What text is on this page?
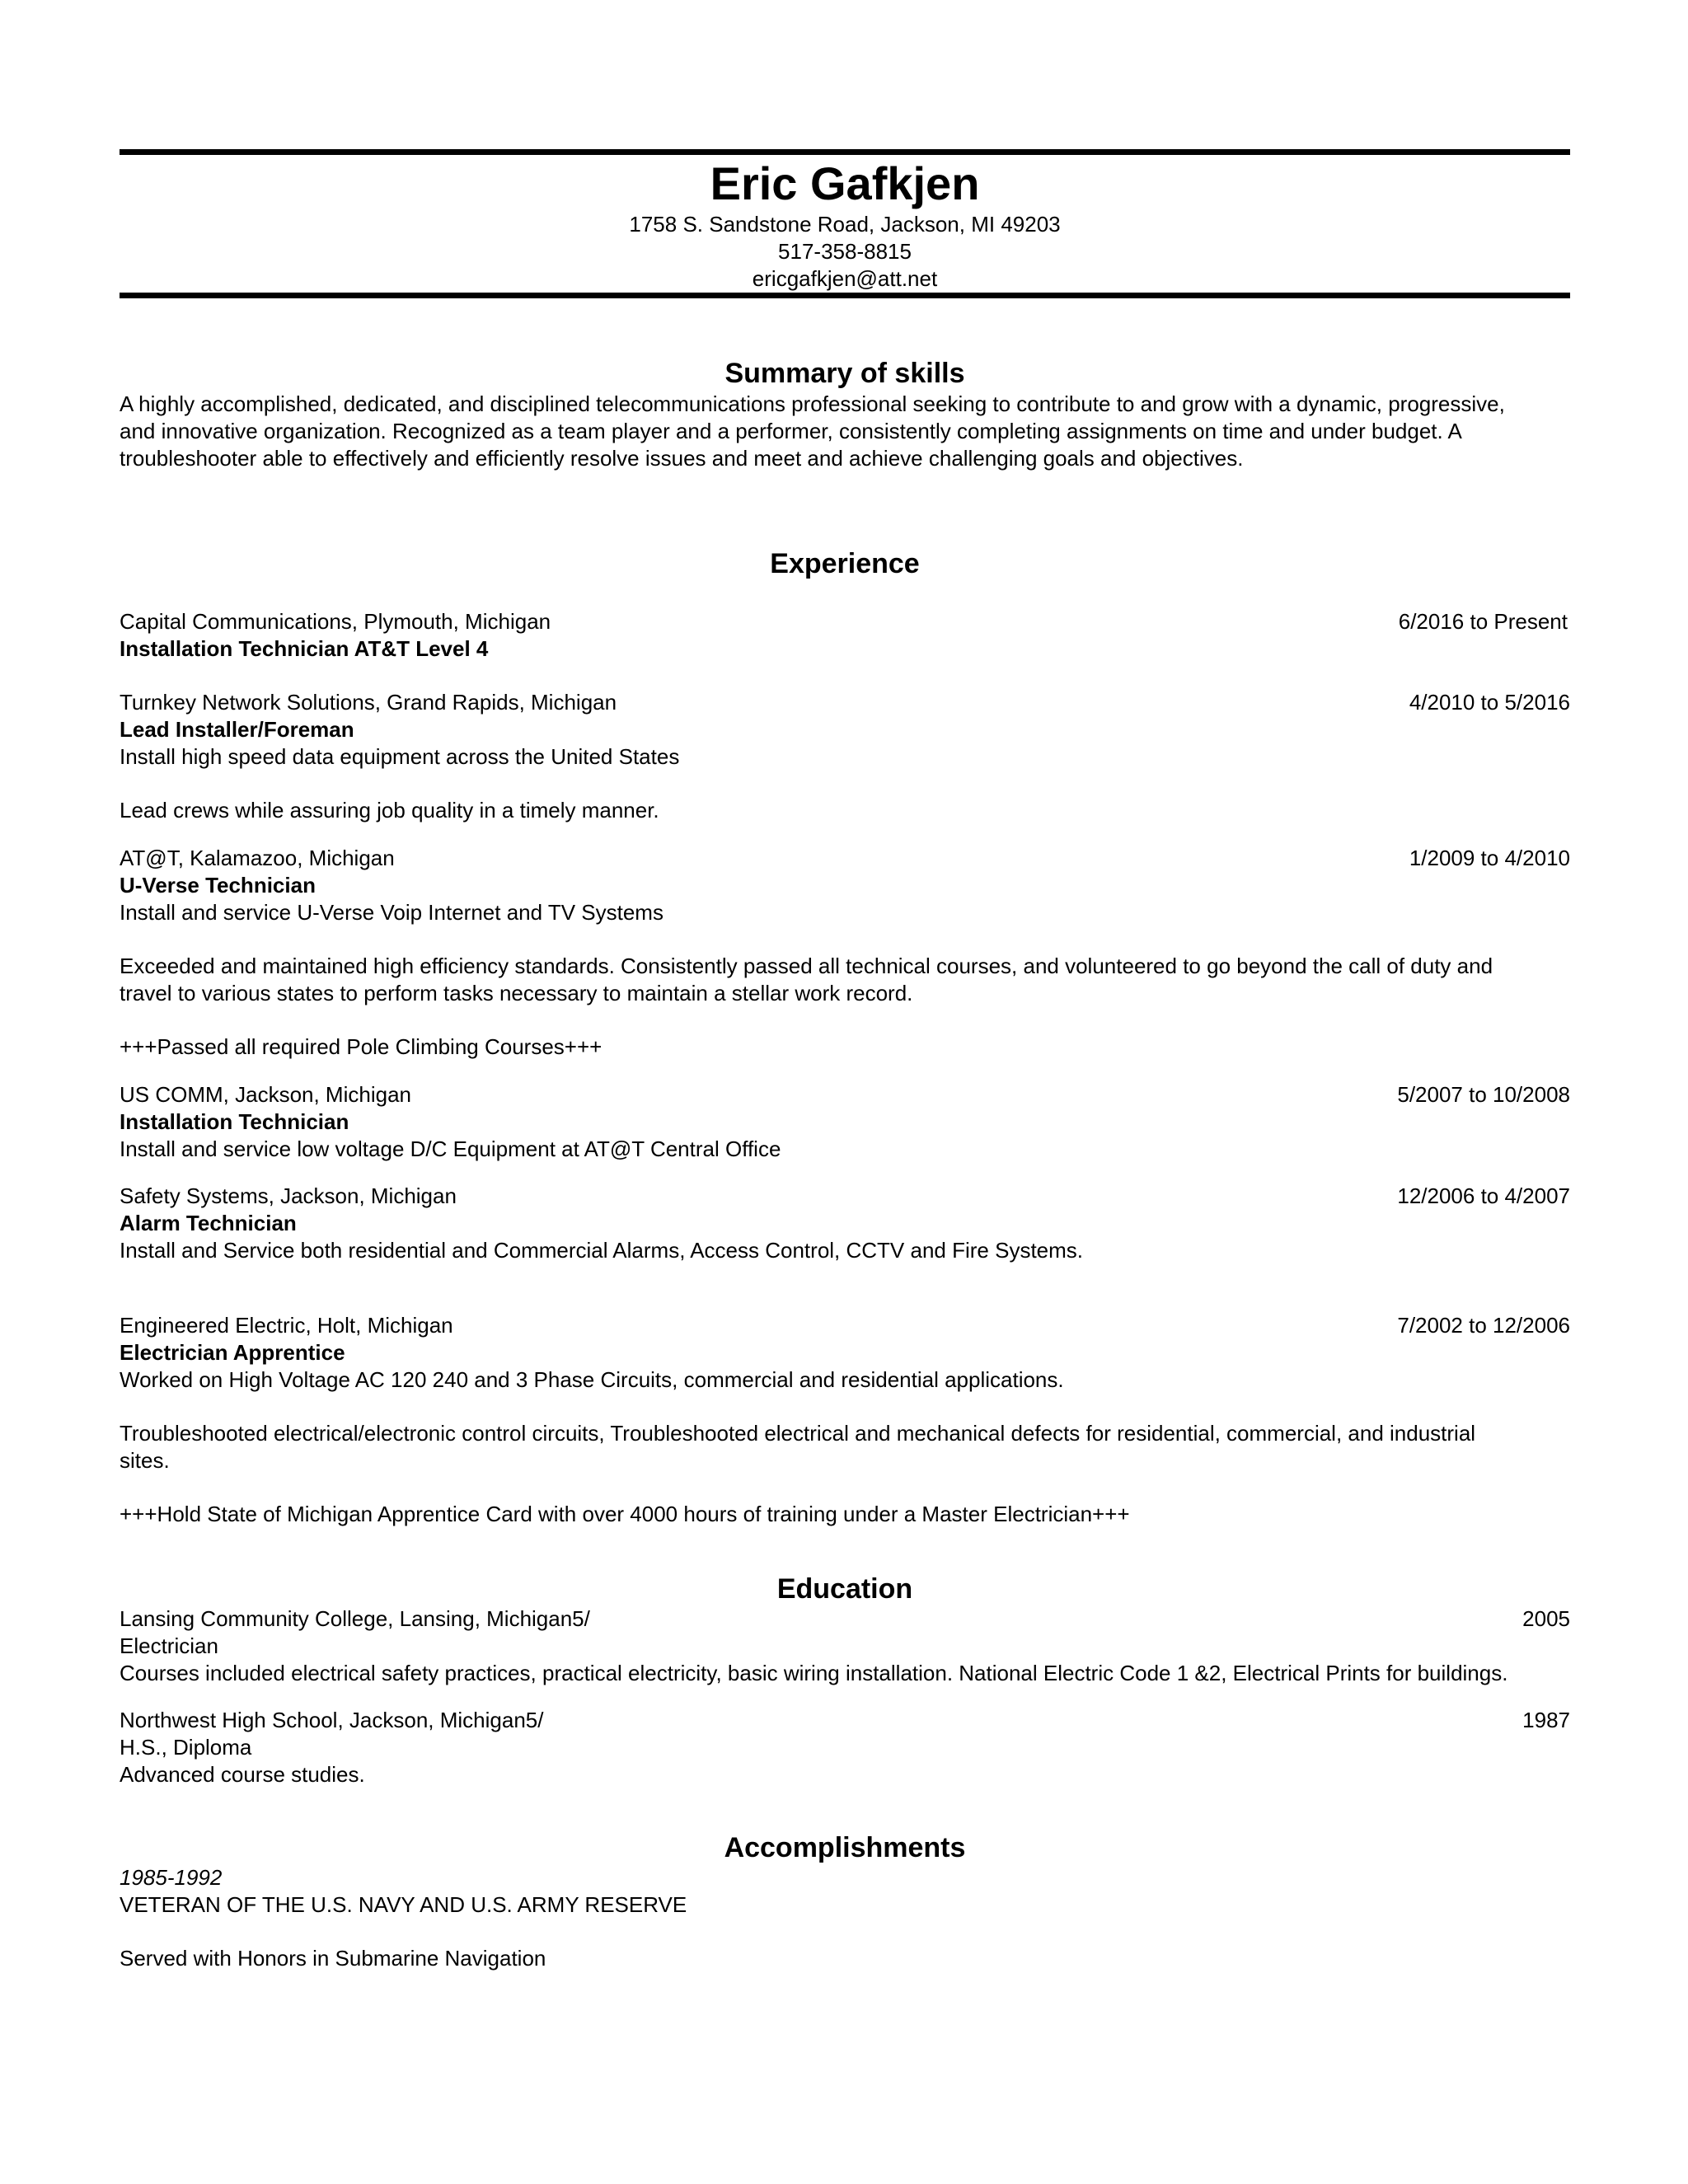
Eric Gafkjen
1758 S. Sandstone Road, Jackson, MI 49203
517-358-8815
ericgafkjen@att.net
Summary of skills
A highly accomplished, dedicated, and disciplined telecommunications professional seeking to contribute to and grow with a dynamic, progressive,
and innovative organization. Recognized as a team player and a performer, consistently completing assignments on time and under budget. A
troubleshooter able to effectively and efficiently resolve issues and meet and achieve challenging goals and objectives.
Experience
Capital Communications, Plymouth, Michigan	6/2016 to Present
Installation Technician AT&T Level 4
Turnkey Network Solutions, Grand Rapids, Michigan	4/2010 to 5/2016
Lead Installer/Foreman
Install high speed data equipment across the United States
Lead crews while assuring job quality in a timely manner.
AT@T, Kalamazoo, Michigan	1/2009 to 4/2010
U-Verse Technician
Install and service U-Verse Voip Internet and TV Systems
Exceeded and maintained high efficiency standards. Consistently passed all technical courses, and volunteered to go beyond the call of duty and
travel to various states to perform tasks necessary to maintain a stellar work record.
+++Passed all required Pole Climbing Courses+++
US COMM, Jackson, Michigan	5/2007 to 10/2008
Installation Technician
Install and service low voltage D/C Equipment at AT@T Central Office
Safety Systems, Jackson, Michigan	12/2006 to 4/2007
Alarm Technician
Install and Service both residential and Commercial Alarms, Access Control, CCTV and Fire Systems.
Engineered Electric, Holt, Michigan	7/2002 to 12/2006
Electrician Apprentice
Worked on High Voltage AC 120 240 and 3 Phase Circuits, commercial and residential applications.
Troubleshooted electrical/electronic control circuits, Troubleshooted electrical and mechanical defects for residential, commercial, and industrial
sites.
+++Hold State of Michigan Apprentice Card with over 4000 hours of training under a Master Electrician+++
Education
Lansing Community College, Lansing, Michigan5/	2005
Electrician
Courses included electrical safety practices, practical electricity, basic wiring installation. National Electric Code 1 &2, Electrical Prints for buildings.
Northwest High School, Jackson, Michigan5/	1987
H.S., Diploma
Advanced course studies.
Accomplishments
1985-1992
VETERAN OF THE U.S. NAVY AND U.S. ARMY RESERVE
Served with Honors in Submarine Navigation
